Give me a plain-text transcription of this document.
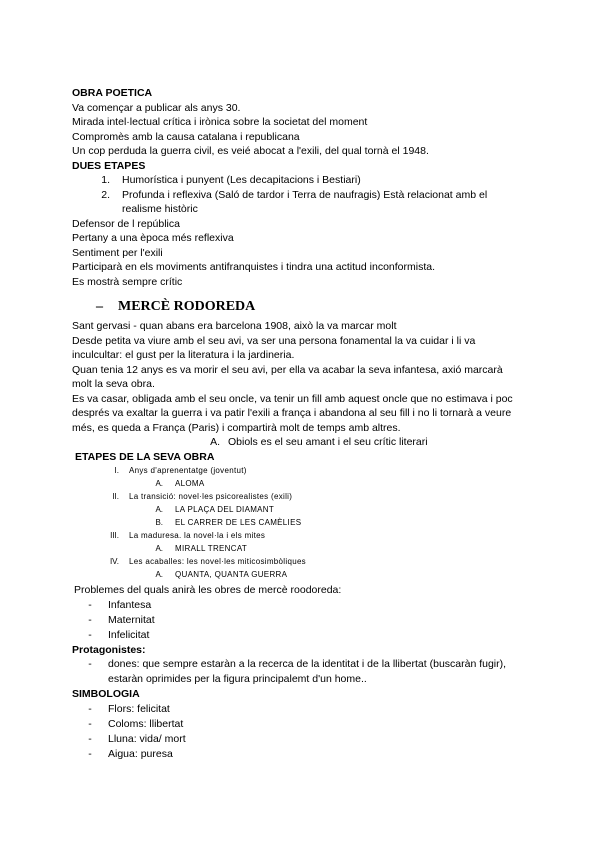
OBRA POETICA
Va començar a publicar als anys 30.
Mirada intel·lectual crítica i irònica sobre la societat del moment
Compromès amb la causa catalana i republicana
Un cop perduda la guerra civil, es veié abocat a l'exili, del qual tornà el 1948.
DUES ETAPES
1.	Humorística i punyent (Les decapitacions i Bestiari)
2.	Profunda i reflexiva (Saló de tardor i Terra de naufragis) Està relacionat amb el realisme històric
Defensor de l república
Pertany a una època més reflexiva
Sentiment per l'exili
Participarà en els moviments antifranquistes i tindra una actitud inconformista.
Es mostrà sempre crític
–	MERCÈ RODOREDA
Sant gervasi - quan abans era barcelona 1908, això la va marcar molt
Desde petita va viure amb el seu avi, va ser una persona fonamental la va cuidar i li va inculcultar: el gust per la literatura i la jardineria.
Quan tenia 12 anys es va morir el seu avi, per ella va acabar la seva infantesa, axió marcarà molt la seva obra.
Es va casar, obligada amb el seu oncle, va tenir un fill amb aquest oncle que no estimava i poc després va exaltar la guerra i va patir l'exili a frança i abandona al seu fill i no li tornarà a veure més, es queda a França (Paris) i compartirà molt de temps amb altres.
A. Obiols es el seu amant i el seu crític literari
ETAPES DE LA SEVA OBRA
I.	Anys d'aprenentatge (joventut)
A.	ALOMA
II.	La transició: novel·les psicorealistes (exili)
A.	LA PLAÇA DEL DIAMANT
B.	EL CARRER DE LES CAMÈLIES
III.	La maduresa. la novel·la i els mites
A.	MIRALL TRENCAT
IV.	Les acaballes: les novel·les miticosimbòliques
A.	QUANTA, QUANTA GUERRA
Problemes del quals anirà les obres de mercè roodoreda:
-	Infantesa
-	Maternitat
-	Infelicitat
Protagonistes:
-	dones: que sempre estaràn a la recerca de la identitat i de la llibertat (buscaràn fugir), estaràn oprimides per la figura principalemt d'un home..
SIMBOLOGIA
-	Flors: felicitat
-	Coloms: llibertat
-	Lluna: vida/ mort
-	Aigua: puresa
